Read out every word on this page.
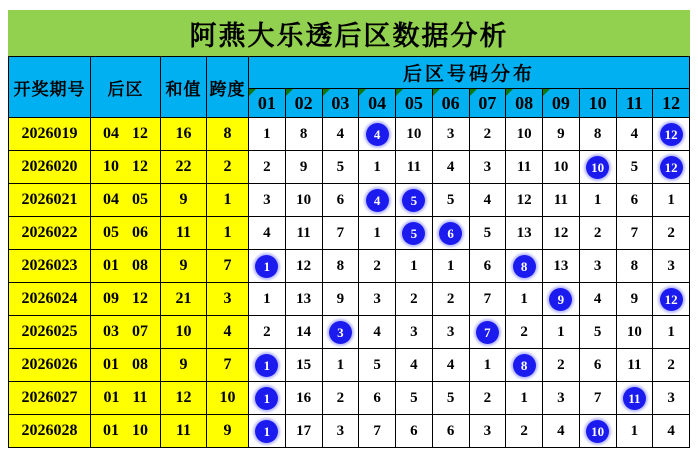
阿燕大乐透后区数据分析
开奖期号	后区	和值	跨度	后区号码分布											

01	02	03	04	05	06	07	08	09	10	11	12
2026019	04 12	16	8	1	8	4	4	10	3	2	10	9	8	4	12
2026020	10 12	22	2	2	9	5	1	11	4	3	11	10	10	5	12
2026021	04 05	9	1	3	10	6	4	5	5	4	12	11	1	6	1
2026022	05 06	11	1	4	11	7	1	5	6	5	13	12	2	7	2
2026023	01 08	9	7	1	12	8	2	1	1	6	8	13	3	8	3
2026024	09 12	21	3	1	13	9	3	2	2	7	1	9	4	9	12
2026025	03 07	10	4	2	14	3	4	3	3	7	2	1	5	10	1
2026026	01 08	9	7	1	15	1	5	4	4	1	8	2	6	11	2
2026027	01 11	12	10	1	16	2	6	5	5	2	1	3	7	11	3
2026028	01 10	11	9	1	17	3	7	6	6	3	2	4	10	1	4
